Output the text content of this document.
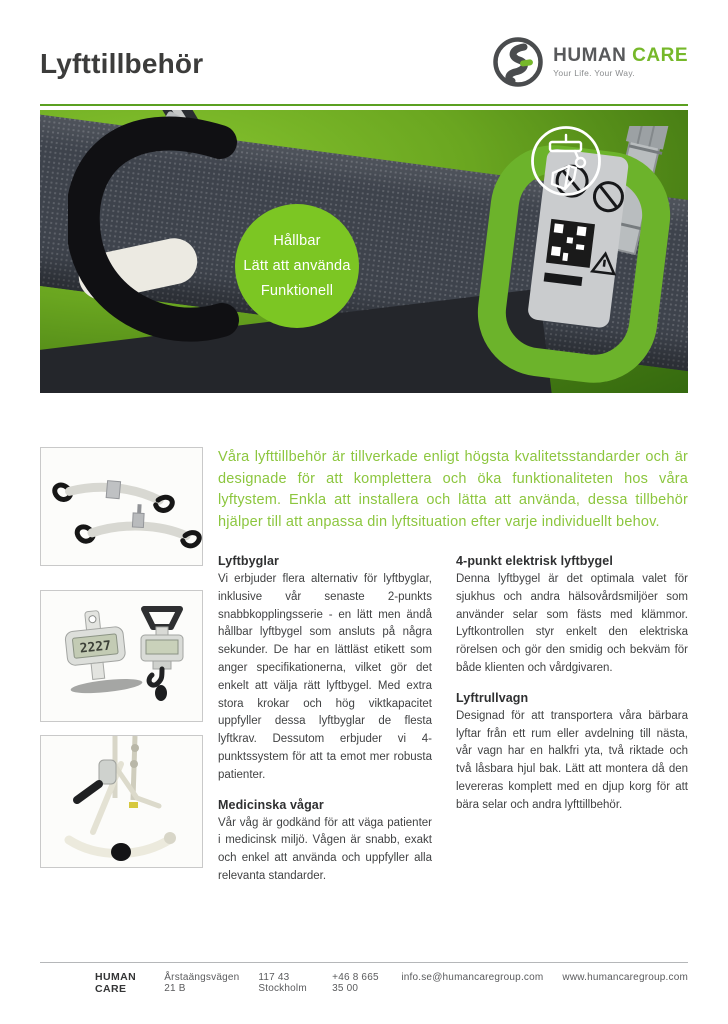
Lyfttillbehör	HUMAN CARE
Your Life. Your Way.
Hållbar
Lätt att använda
Funktionell
2227

Våra lyfttillbehör är tillverkade enligt högsta kvalitetsstandarder och är designade för att komplettera och öka funktionaliteten hos våra lyftystem. Enkla att installera och lätta att använda, dessa tillbehör hjälper till att anpassa din lyftsituation efter varje individuellt behov.

Lyftbyglar

Vi erbjuder flera alternativ för lyftbyglar, inklusive vår senaste 2-punkts snabbkopplingsserie - en lätt men ändå hållbar lyftbygel som ansluts på några sekunder. De har en lättläst etikett som anger specifikationerna, vilket gör det enkelt att välja rätt lyftbygel. Med extra stora krokar och hög viktkapacitet uppfyller dessa lyftbyglar de flesta lyftkrav. Dessutom erbjuder vi 4-punktssystem för att ta emot mer robusta patienter.

Medicinska vågar

Vår våg är godkänd för att väga patienter i medicinsk miljö. Vågen är snabb, exakt och enkel att använda och uppfyller alla relevanta standarder.

4-punkt elektrisk lyftbygel

Denna lyftbygel är det optimala valet för sjukhus och andra hälsovårdsmiljöer som använder selar som fästs med klämmor. Lyftkontrollen styr enkelt den elektriska rörelsen och gör den smidig och bekväm för både klienten och vårdgivaren.

Lyftrullvagn

Designad för att transportera våra bärbara lyftar från ett rum eller avdelning till nästa, vår vagn har en halkfri yta, två riktade och två låsbara hjul bak. Lätt att montera då den levereras komplett med en djup korg för att bära selar och andra lyfttillbehör.

HUMAN CARE
Årstaängsvägen 21 B
117 43 Stockholm
+46 8 665 35 00
info.se@humancaregroup.com www.humancaregroup.com
